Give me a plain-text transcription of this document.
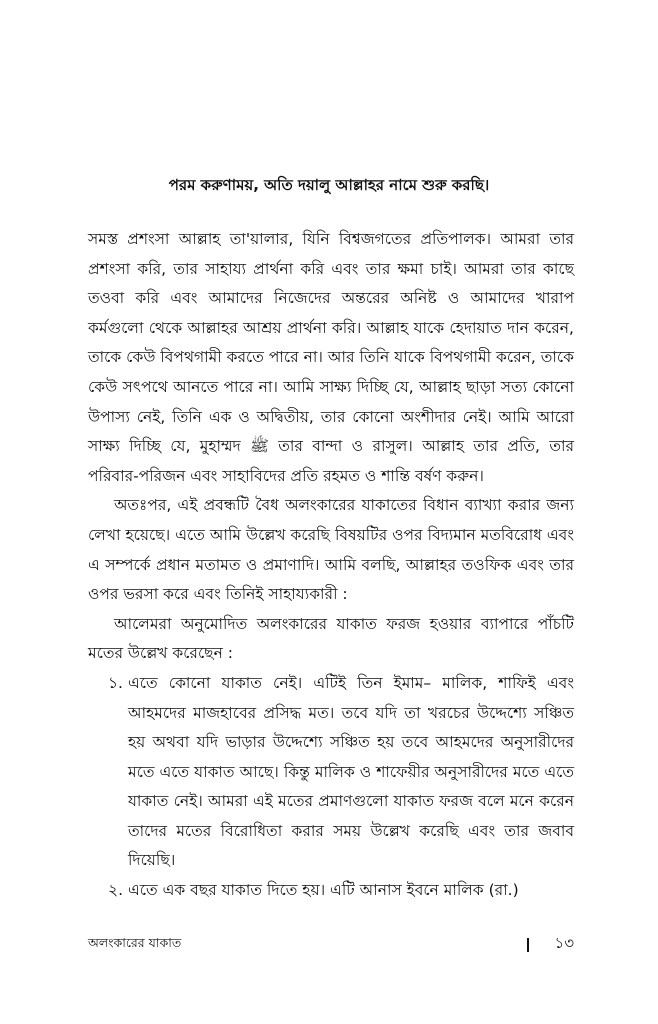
পরম করুণাময়, অতি দয়ালু আল্লাহর নামে শুরু করছি।

সমস্ত প্রশংসা আল্লাহ তা'য়ালার, যিনি বিশ্বজগতের প্রতিপালক। আমরা তার প্রশংসা করি, তার সাহায্য প্রার্থনা করি এবং তার ক্ষমা চাই। আমরা তার কাছে তওবা করি এবং আমাদের নিজেদের অন্তরের অনিষ্ট ও আমাদের খারাপ কর্মগুলো থেকে আল্লাহর আশ্রয় প্রার্থনা করি। আল্লাহ যাকে হেদায়াত দান করেন, তাকে কেউ বিপথগামী করতে পারে না। আর তিনি যাকে বিপথগামী করেন, তাকে কেউ সৎপথে আনতে পারে না। আমি সাক্ষ্য দিচ্ছি যে, আল্লাহ ছাড়া সত্য কোনো উপাস্য নেই, তিনি এক ও অদ্বিতীয়, তার কোনো অংশীদার নেই। আমি আরো সাক্ষ্য দিচ্ছি যে, মুহাম্মদ ﷺ তার বান্দা ও রাসুল। আল্লাহ তার প্রতি, তার পরিবার-পরিজন এবং সাহাবিদের প্রতি রহমত ও শান্তি বর্ষণ করুন।

অতঃপর, এই প্রবন্ধটি বৈধ অলংকারের যাকাতের বিধান ব্যাখ্যা করার জন্য লেখা হয়েছে। এতে আমি উল্লেখ করেছি বিষয়টির ওপর বিদ্যমান মতবিরোধ এবং এ সম্পর্কে প্রধান মতামত ও প্রমাণাদি। আমি বলছি, আল্লাহর তওফিক এবং তার ওপর ভরসা করে এবং তিনিই সাহায্যকারী :

আলেমরা অনুমোদিত অলংকারের যাকাত ফরজ হওয়ার ব্যাপারে পাঁচটি মতের উল্লেখ করেছেন :

১. এতে কোনো যাকাত নেই। এটিই তিন ইমাম– মালিক, শাফিই এবং আহমদের মাজহাবের প্রসিদ্ধ মত। তবে যদি তা খরচের উদ্দেশ্যে সঞ্চিত হয় অথবা যদি ভাড়ার উদ্দেশ্যে সঞ্চিত হয় তবে আহমদের অনুসারীদের মতে এতে যাকাত আছে। কিন্তু মালিক ও শাফেয়ীর অনুসারীদের মতে এতে যাকাত নেই। আমরা এই মতের প্রমাণগুলো যাকাত ফরজ বলে মনে করেন তাদের মতের বিরোধিতা করার সময় উল্লেখ করেছি এবং তার জবাব দিয়েছি।
২. এতে এক বছর যাকাত দিতে হয়। এটি আনাস ইবনে মালিক (রা.)
অলংকারের যাকাত	১৩
